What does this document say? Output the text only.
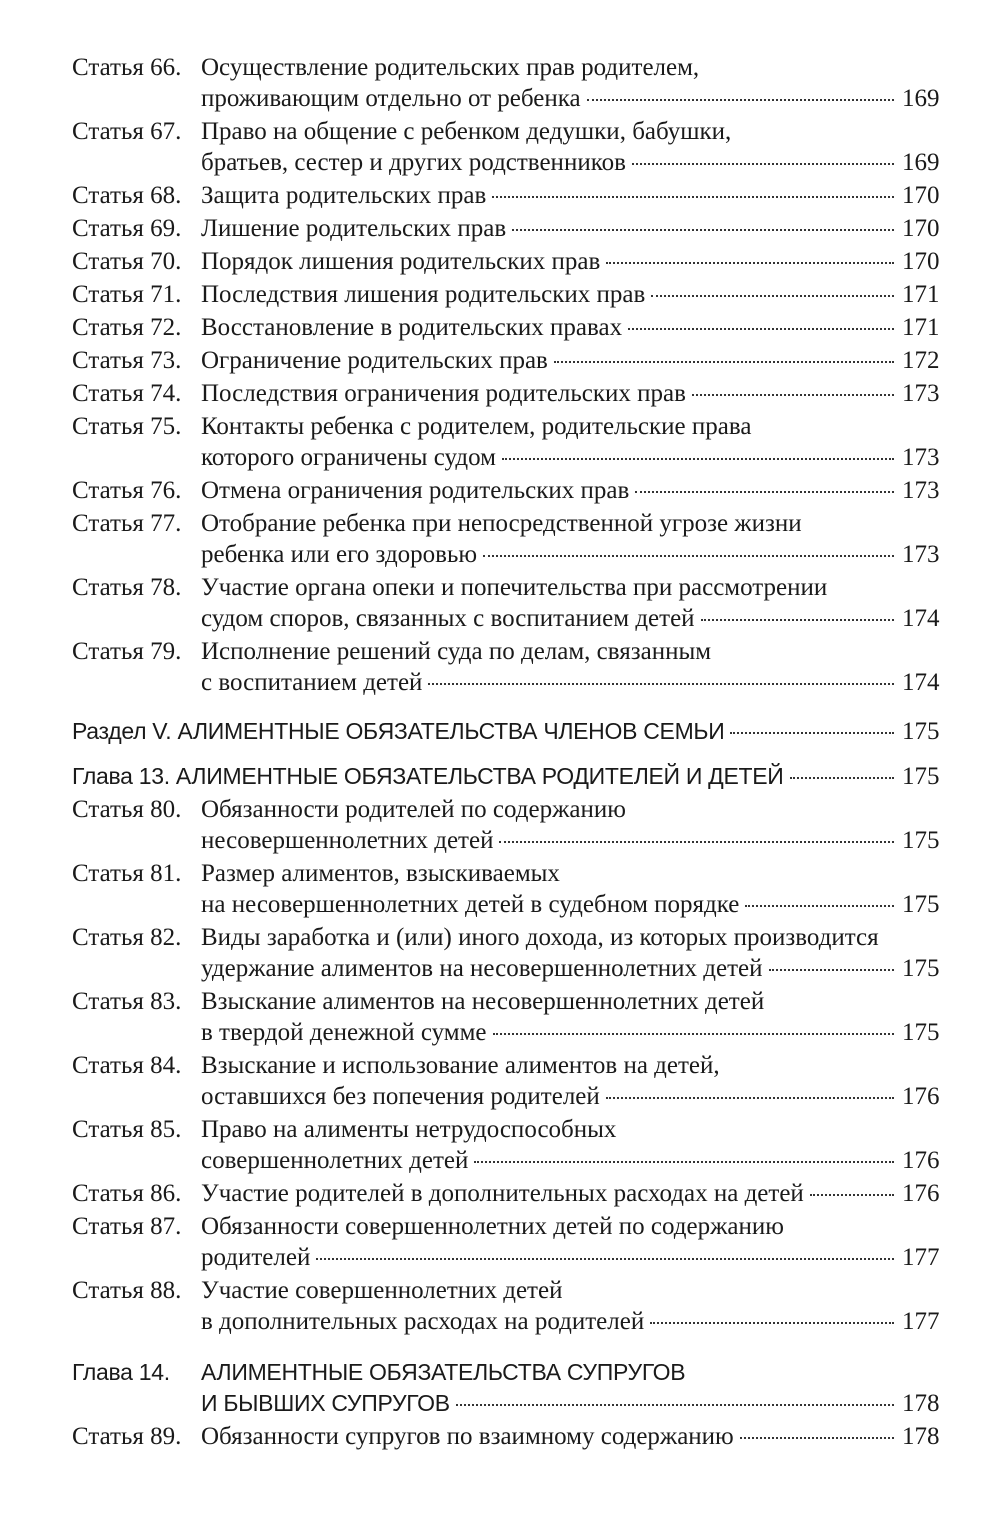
Статья 66. Осуществление родительских прав родителем,
проживающим отдельно от ребенка	169
Статья 67. Право на общение с ребенком дедушки, бабушки,
братьев, сестер и других родственников	169
Статья 68. Защита родительских прав	170
Статья 69. Лишение родительских прав	170
Статья 70. Порядок лишения родительских прав	170
Статья 71. Последствия лишения родительских прав	171
Статья 72. Восстановление в родительских правах	171
Статья 73. Ограничение родительских прав	172
Статья 74. Последствия ограничения родительских прав	173
Статья 75. Контакты ребенка с родителем, родительские права
которого ограничены судом	173
Статья 76. Отмена ограничения родительских прав	173
Статья 77. Отобрание ребенка при непосредственной угрозе жизни
ребенка или его здоровью	173
Статья 78. Участие органа опеки и попечительства при рассмотрении
судом споров, связанных с воспитанием детей	174
Статья 79. Исполнение решений суда по делам, связанным
с воспитанием детей	174
Раздел V. АЛИМЕНТНЫЕ ОБЯЗАТЕЛЬСТВА ЧЛЕНОВ СЕМЬИ	175
Глава 13. АЛИМЕНТНЫЕ ОБЯЗАТЕЛЬСТВА РОДИТЕЛЕЙ И ДЕТЕЙ	175
Статья 80. Обязанности родителей по содержанию
несовершеннолетних детей	175
Статья 81. Размер алиментов, взыскиваемых
на несовершеннолетних детей в судебном порядке	175
Статья 82. Виды заработка и (или) иного дохода, из которых производится
удержание алиментов на несовершеннолетних детей	175
Статья 83. Взыскание алиментов на несовершеннолетних детей
в твердой денежной сумме	175
Статья 84. Взыскание и использование алиментов на детей,
оставшихся без попечения родителей	176
Статья 85. Право на алименты нетрудоспособных
совершеннолетних детей	176
Статья 86. Участие родителей в дополнительных расходах на детей	176
Статья 87. Обязанности совершеннолетних детей по содержанию
родителей	177
Статья 88. Участие совершеннолетних детей
в дополнительных расходах на родителей	177
Глава 14.	АЛИМЕНТНЫЕ ОБЯЗАТЕЛЬСТВА СУПРУГОВ
И БЫВШИХ СУПРУГОВ	178
Статья 89. Обязанности супругов по взаимному содержанию	178
